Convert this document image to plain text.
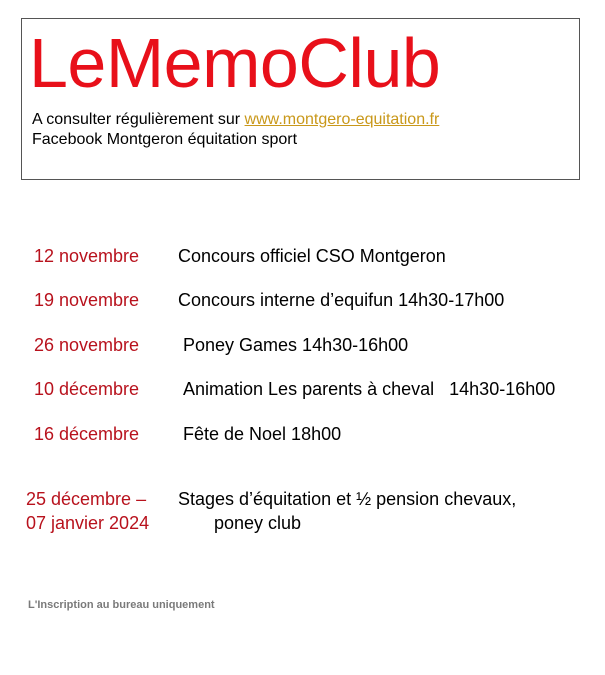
LeMemoClub
A consulter régulièrement sur www.montgero-equitation.fr
Facebook Montgeron équitation sport
12 novembre Concours officiel CSO Montgeron
19 novembre Concours interne d’equifun 14h30-17h00
26 novembre Poney Games 14h30-16h00
10 décembre Animation Les parents à cheval   14h30-16h00
16 décembre Fête de Noel 18h00
25 décembre –
07 janvier 2024
Stages d’équitation et ½ pension chevaux,
poney club
L'Inscription au bureau uniquement
